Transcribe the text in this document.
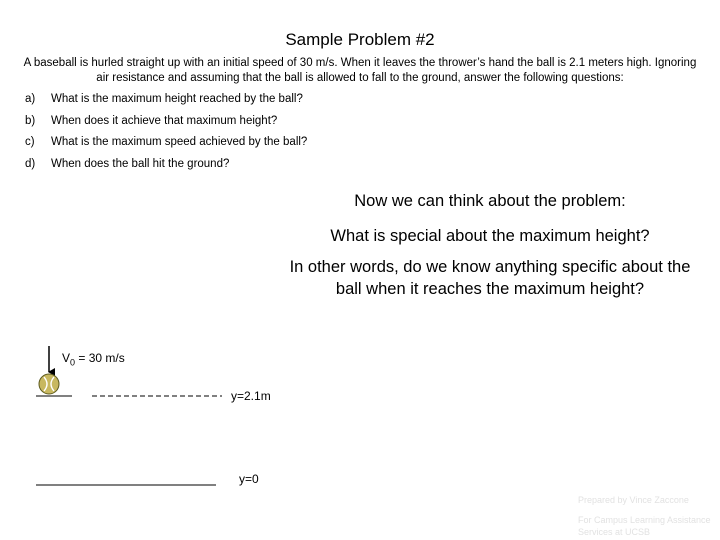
Sample Problem #2
A baseball is hurled straight up with an initial speed of 30 m/s. When it leaves the thrower’s hand the ball is 2.1 meters high. Ignoring air resistance and assuming that the ball is allowed to fall to the ground, answer the following questions:
a) What is the maximum height reached by the ball?
b) When does it achieve that maximum height?
c) What is the maximum speed achieved by the ball?
d) When does the ball hit the ground?
Now we can think about the problem:
What is special about the maximum height?
In other words, do we know anything specific about the ball when it reaches the maximum height?
$V_0 = 30$ m/s
y=2.1m
y=0
Prepared by Vince Zaccone
For Campus Learning Assistance Services at UCSB
